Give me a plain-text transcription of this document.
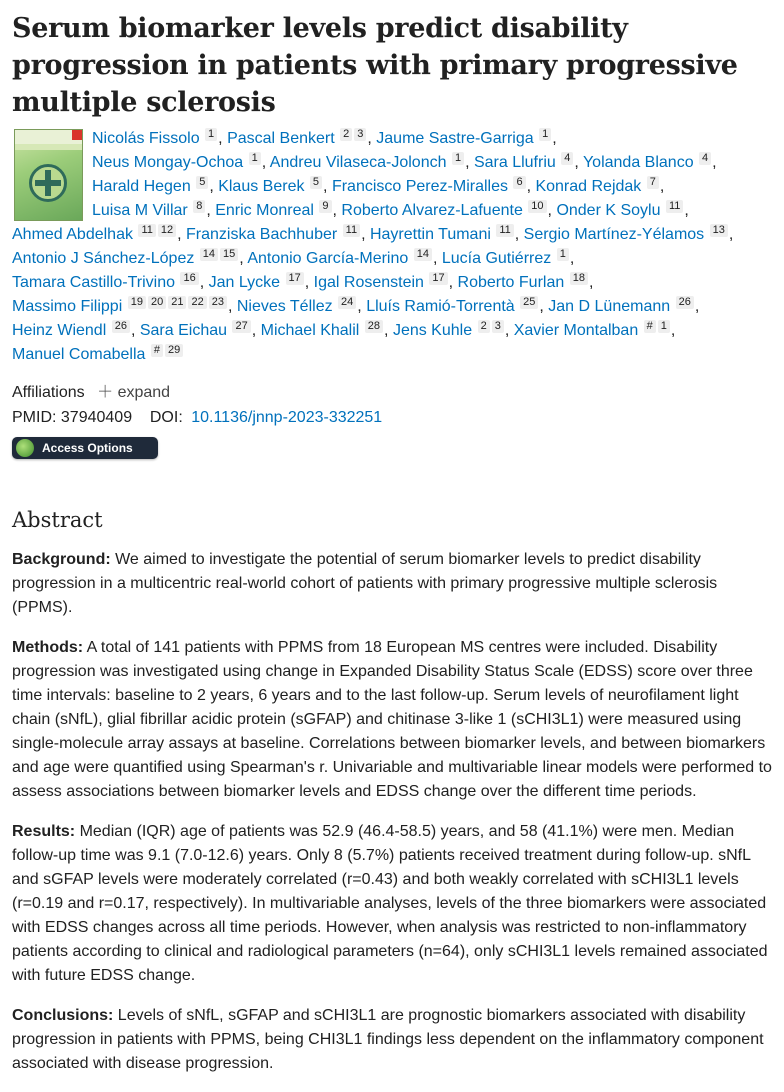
Serum biomarker levels predict disability progression in patients with primary progressive multiple sclerosis
Nicolás Fissolo 1 , Pascal Benkert 2 3 , Jaume Sastre-Garriga 1 ,
Neus Mongay-Ochoa 1 , Andreu Vilaseca-Jolonch 1 , Sara Llufriu 4 , Yolanda Blanco 4 ,
Harald Hegen 5 , Klaus Berek 5 , Francisco Perez-Miralles 6 , Konrad Rejdak 7 ,
Luisa M Villar 8 , Enric Monreal 9 , Roberto Alvarez-Lafuente 10 , Onder K Soylu 11 ,
Ahmed Abdelhak 11 12 , Franziska Bachhuber 11 , Hayrettin Tumani 11 , Sergio Martínez-Yélamos 13 ,
Antonio J Sánchez-López 14 15 , Antonio García-Merino 14 , Lucía Gutiérrez 1 ,
Tamara Castillo-Trivino 16 , Jan Lycke 17 , Igal Rosenstein 17 , Roberto Furlan 18 ,
Massimo Filippi 19 20 21 22 23 , Nieves Téllez 24 , Lluís Ramió-Torrentà 25 , Jan D Lünemann 26 ,
Heinz Wiendl 26 , Sara Eichau 27 , Michael Khalil 28 , Jens Kuhle 2 3 , Xavier Montalban # 1 ,
Manuel Comabella # 29
Affiliations ＋ expand
PMID: 37940409 DOI: 10.1136/jnnp-2023-332251
Access Options
Abstract

Background: We aimed to investigate the potential of serum biomarker levels to predict disability progression in a multicentric real-world cohort of patients with primary progressive multiple sclerosis (PPMS).

Methods: A total of 141 patients with PPMS from 18 European MS centres were included. Disability progression was investigated using change in Expanded Disability Status Scale (EDSS) score over three time intervals: baseline to 2 years, 6 years and to the last follow-up. Serum levels of neurofilament light chain (sNfL), glial fibrillar acidic protein (sGFAP) and chitinase 3-like 1 (sCHI3L1) were measured using single-molecule array assays at baseline. Correlations between biomarker levels, and between biomarkers and age were quantified using Spearman's r. Univariable and multivariable linear models were performed to assess associations between biomarker levels and EDSS change over the different time periods.

Results: Median (IQR) age of patients was 52.9 (46.4-58.5) years, and 58 (41.1%) were men. Median follow-up time was 9.1 (7.0-12.6) years. Only 8 (5.7%) patients received treatment during follow-up. sNfL and sGFAP levels were moderately correlated (r=0.43) and both weakly correlated with sCHI3L1 levels (r=0.19 and r=0.17, respectively). In multivariable analyses, levels of the three biomarkers were associated with EDSS changes across all time periods. However, when analysis was restricted to non-inflammatory patients according to clinical and radiological parameters (n=64), only sCHI3L1 levels remained associated with future EDSS change.

Conclusions: Levels of sNfL, sGFAP and sCHI3L1 are prognostic biomarkers associated with disability progression in patients with PPMS, being CHI3L1 findings less dependent on the inflammatory component associated with disease progression.
